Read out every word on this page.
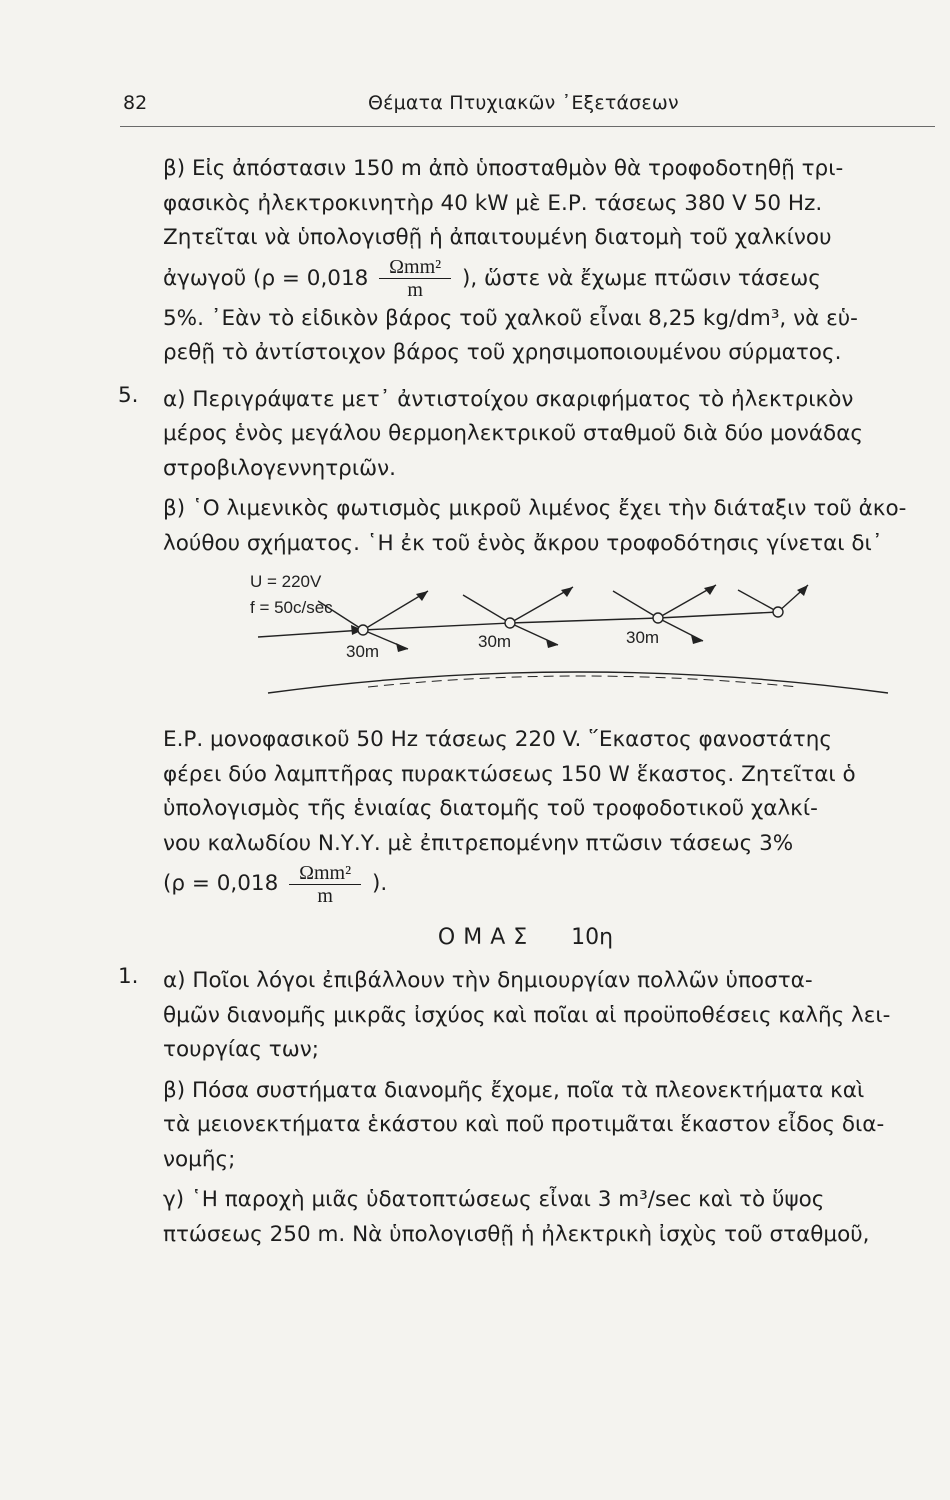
82	Θέματα Πτυχιακῶν ᾿Εξετάσεων

β) Εἰς ἀπόστασιν 150 m ἀπὸ ὑποσταθμὸν θὰ τροφοδοτηθῇ τρι-

φασικὸς ἠλεκτροκινητὴρ 40 kW μὲ Ε.Ρ. τάσεως 380 V 50 Hz.

Ζητεῖται νὰ ὑπολογισθῇ ἡ ἀπαιτουμένη διατομὴ τοῦ χαλκίνου

ἀγωγοῦ ($\rho = 0,018 \frac{\text{Ωmm²}}{m}$ ), ὥστε νὰ ἔχωμε πτῶσιν τάσεως

5%. ᾿Εὰν τὸ εἰδικὸν βάρος τοῦ χαλκοῦ εἶναι 8,25 kg/dm³, νὰ εὑ-

ρεθῇ τὸ ἀντίστοιχον βάρος τοῦ χρησιμοποιουμένου σύρματος.

5.	α) Περιγράψατε μετ᾿ ἀντιστοίχου σκαριφήματος τὸ ἠλεκτρικὸν

μέρος ἑνὸς μεγάλου θερμοηλεκτρικοῦ σταθμοῦ διὰ δύο μονάδας

στροβιλογεννητριῶν.

β) ῾Ο λιμενικὸς φωτισμὸς μικροῦ λιμένος ἔχει τὴν διάταξιν τοῦ ἀκο-

λούθου σχήματος. ῾Η ἐκ τοῦ ἑνὸς ἄκρου τροφοδότησις γίνεται δι᾿

U = 220V
f = 50c/sec
30m
30m	30m

Ε.Ρ. μονοφασικοῦ 50 Hz τάσεως 220 V. ῞Εκαστος φανοστάτης

φέρει δύο λαμπτῆρας πυρακτώσεως 150 W ἕκαστος. Ζητεῖται ὁ

ὑπολογισμὸς τῆς ἑνιαίας διατομῆς τοῦ τροφοδοτικοῦ χαλκί-

νου καλωδίου Ν.Υ.Υ. μὲ ἐπιτρεπομένην πτῶσιν τάσεως 3%

($\rho = 0,018 \frac{\text{Ωmm²}}{m}$ ).

ΟΜΑΣ 10η
1.	α) Ποῖοι λόγοι ἐπιβάλλουν τὴν δημιουργίαν πολλῶν ὑποστα-

θμῶν διανομῆς μικρᾶς ἰσχύος καὶ ποῖαι αἱ προϋποθέσεις καλῆς λει-

τουργίας των;

β) Πόσα συστήματα διανομῆς ἔχομε, ποῖα τὰ πλεονεκτήματα καὶ

τὰ μειονεκτήματα ἑκάστου καὶ ποῦ προτιμᾶται ἕκαστον εἶδος δια-

νομῆς;

γ) ῾Η παροχὴ μιᾶς ὑδατοπτώσεως εἶναι 3 m³/sec καὶ τὸ ὕψος

πτώσεως 250 m. Νὰ ὑπολογισθῇ ἡ ἠλεκτρικὴ ἰσχὺς τοῦ σταθμοῦ,
